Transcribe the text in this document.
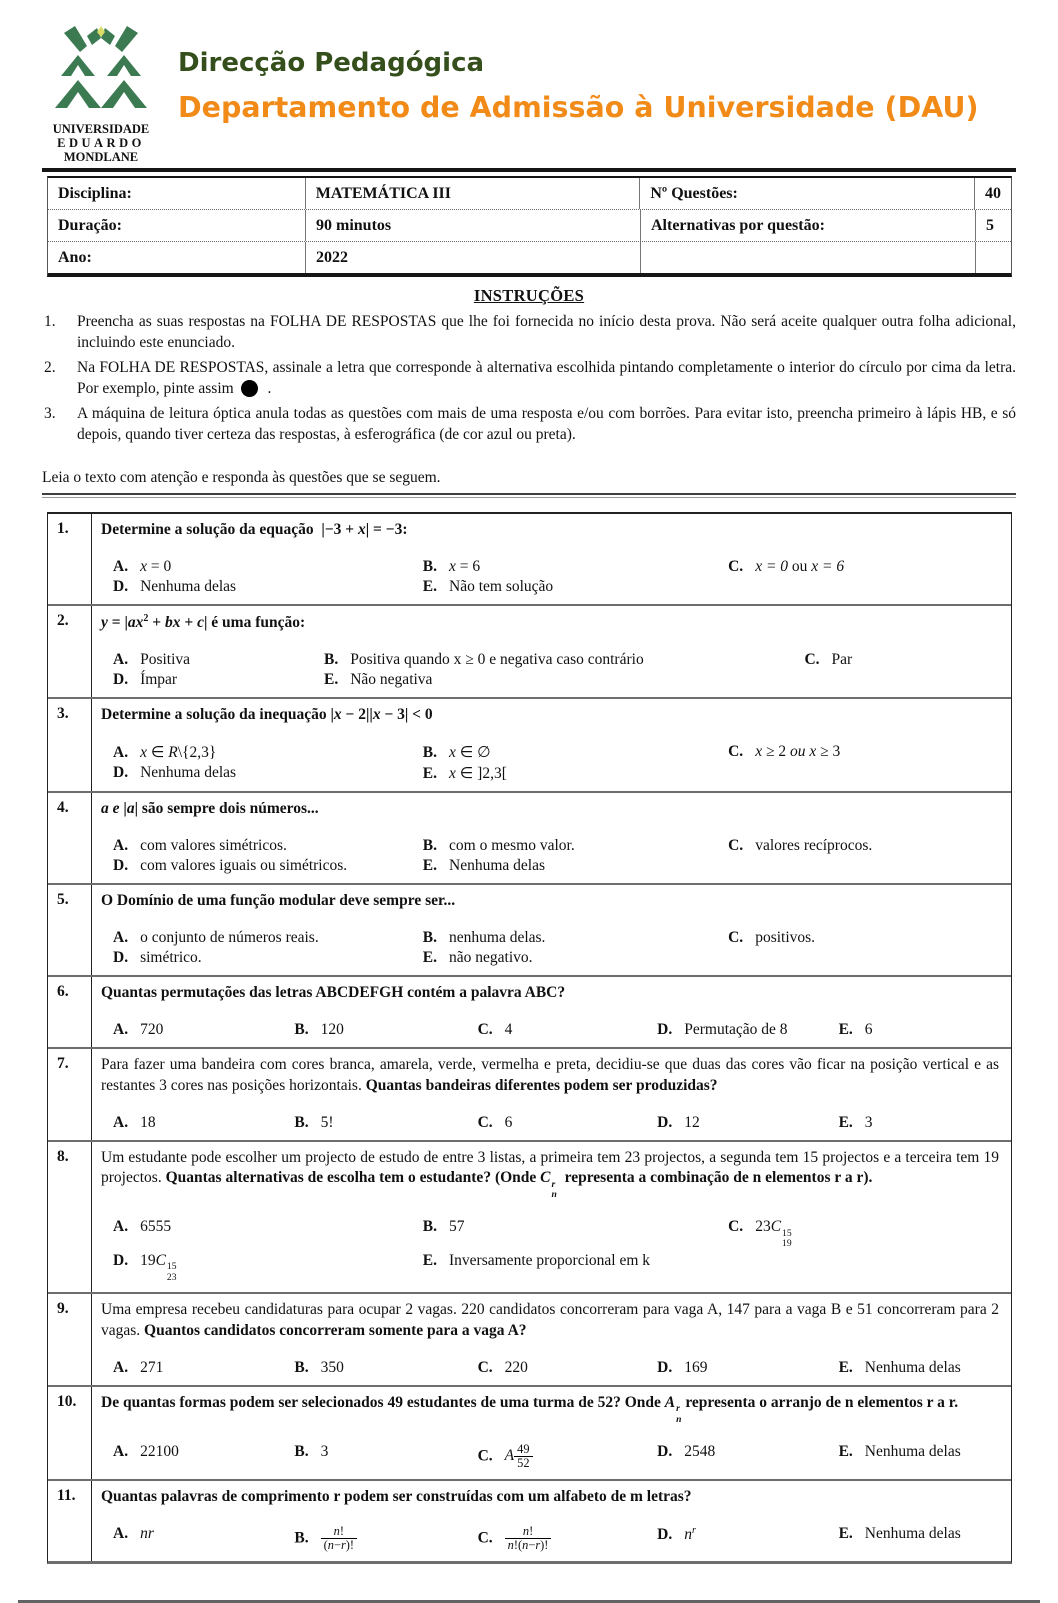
UNIVERSIDADE
EDUARDO
MONDLANE
Direcção Pedagógica
Departamento de Admissão à Universidade (DAU)
Disciplina:	MATEMÁTICA III	Nº Questões:	40
Duração:	90 minutos	Alternativas por questão:	5
Ano:	2022
INSTRUÇÕES
1.	Preencha as suas respostas na FOLHA DE RESPOSTAS que lhe foi fornecida no início desta prova. Não será aceite qualquer outra folha adicional, incluindo este enunciado.
2.	Na FOLHA DE RESPOSTAS, assinale a letra que corresponde à alternativa escolhida pintando completamente o interior do círculo por cima da letra. Por exemplo, pinte assim  .
3.	A máquina de leitura óptica anula todas as questões com mais de uma resposta e/ou com borrões. Para evitar isto, preencha primeiro à lápis HB, e só depois, quando tiver certeza das respostas, à esferográfica (de cor azul ou preta).
Leia o texto com atenção e responda às questões que se seguem.
1.	Determine a solução da equação  |−3 + x| = −3:
A. x = 0	B. x = 6	C. x = 0 ou x = 6
D. Nenhuma delas	E. Não tem solução
2.	$y = |ax^2$ + bx + c| é uma função:
A. Positiva	B. Positiva quando x ≥ 0 e negativa caso contrário	C. Par
D. Ímpar	E. Não negativa
3.	Determine a solução da inequação |x − 2||x − 3| < 0
A. x ∈ R\{2,3}	B. x ∈ ∅	C. x ≥ 2 ou x ≥ 3
D. Nenhuma delas	E. x ∈ ]2,3[
4.	a e |a| são sempre dois números...
A. com valores simétricos.	B. com o mesmo valor.	C. valores recíprocos.
D. com valores iguais ou simétricos.	E. Nenhuma delas
5.	O Domínio de uma função modular deve sempre ser...
A. o conjunto de números reais.	B. nenhuma delas.	C. positivos.
D. simétrico.	E. não negativo.
6.	Quantas permutações das letras ABCDEFGH contém a palavra ABC?
A. 720	B. 120	C. 4	D. Permutação de 8	E. 6
7.	Para fazer uma bandeira com cores branca, amarela, verde, vermelha e preta, decidiu-se que duas das cores vão ficar na posição vertical e as restantes 3 cores nas posições horizontais. Quantas bandeiras diferentes podem ser produzidas?
A. 18	B. 5!	C. 6	D. 12	E. 3
8.	Um estudante pode escolher um projecto de estudo de entre 3 listas, a primeira tem 23 projectos, a segunda tem 15 projectos e a terceira tem 19 projectos. Quantas alternativas de escolha tem o estudante? (Onde C r
n
representa a combinação de n elementos r a r).
A. 6555	B. 57	C. 23C 15
19
D. 19C 15
23
E. Inversamente proporcional em k
9.	Uma empresa recebeu candidaturas para ocupar 2 vagas. 220 candidatos concorreram para vaga A, 147 para a vaga B e 51 concorreram para 2 vagas. Quantos candidatos concorreram somente para a vaga A?
A. 271	B. 350	C. 220	D. 169	E. Nenhuma delas
10.	De quantas formas podem ser selecionados 49 estudantes de uma turma de 52? Onde A r
n
representa o arranjo de n elementos r a r.
A. 22100	B. 3	C. A $\frac{49}{52}$	D. 2548	E. Nenhuma delas
11.	Quantas palavras de comprimento r podem ser construídas com um alfabeto de m letras?
A. nr	B. $\frac{n!}{(n-r)!}$	C. $\frac{n!}{n!(n-r)!}$	D. $n^r$	E. Nenhuma delas
